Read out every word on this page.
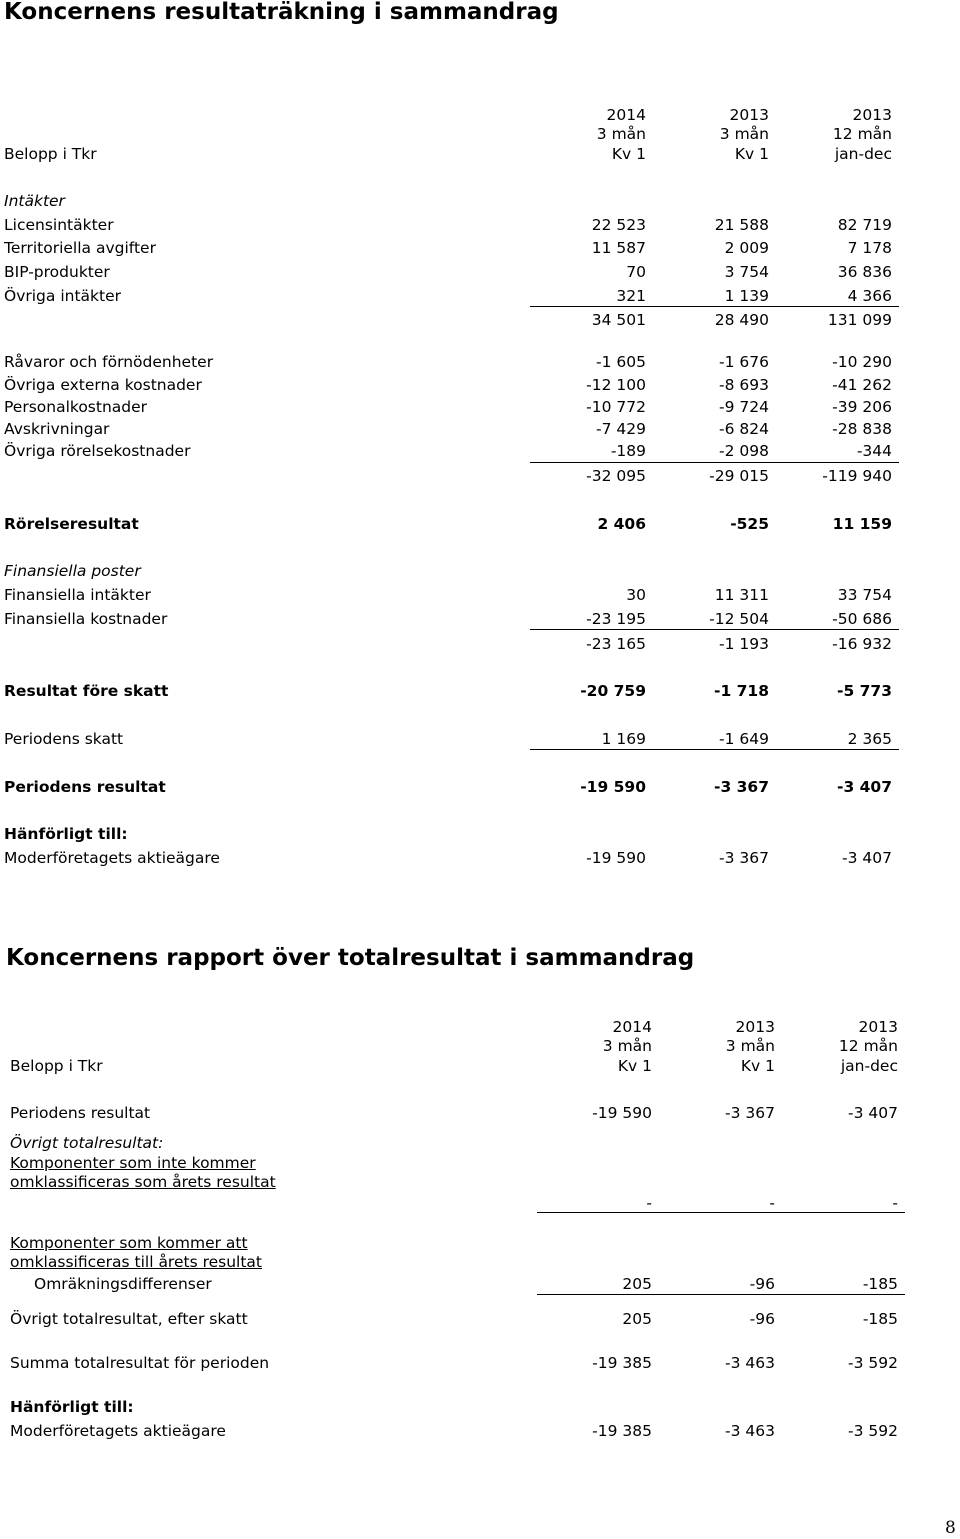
Koncernens resultaträkning i sammandrag
2014	2013	2013
3 mån	3 mån	12 mån
Belopp i Tkr	Kv 1	Kv 1	jan-dec
Intäkter
Licensintäkter	22 523	21 588	82 719
Territoriella avgifter	11 587	2 009	7 178
BIP-produkter	70	3 754	36 836
Övriga intäkter	321	1 139	4 366
34 501	28 490	131 099
Råvaror och förnödenheter	-1 605	-1 676	-10 290
Övriga externa kostnader	-12 100	-8 693	-41 262
Personalkostnader	-10 772	-9 724	-39 206
Avskrivningar	-7 429	-6 824	-28 838
Övriga rörelsekostnader	-189	-2 098	-344
-32 095	-29 015	-119 940
Rörelseresultat	2 406	-525	11 159
Finansiella poster
Finansiella intäkter	30	11 311	33 754
Finansiella kostnader	-23 195	-12 504	-50 686
-23 165	-1 193	-16 932
Resultat före skatt	-20 759	-1 718	-5 773
Periodens skatt	1 169	-1 649	2 365
Periodens resultat	-19 590	-3 367	-3 407
Hänförligt till:
Moderföretagets aktieägare	-19 590	-3 367	-3 407
Koncernens rapport över totalresultat i sammandrag
2014	2013	2013
3 mån	3 mån	12 mån
Belopp i Tkr	Kv 1	Kv 1	jan-dec
Periodens resultat	-19 590	-3 367	-3 407
Övrigt totalresultat:
Komponenter som inte kommer
omklassificeras som årets resultat
-	-	-
Komponenter som kommer att
omklassificeras till årets resultat
Omräkningsdifferenser	205	-96	-185
Övrigt totalresultat, efter skatt	205	-96	-185
Summa totalresultat för perioden	-19 385	-3 463	-3 592
Hänförligt till:
Moderföretagets aktieägare	-19 385	-3 463	-3 592
8
